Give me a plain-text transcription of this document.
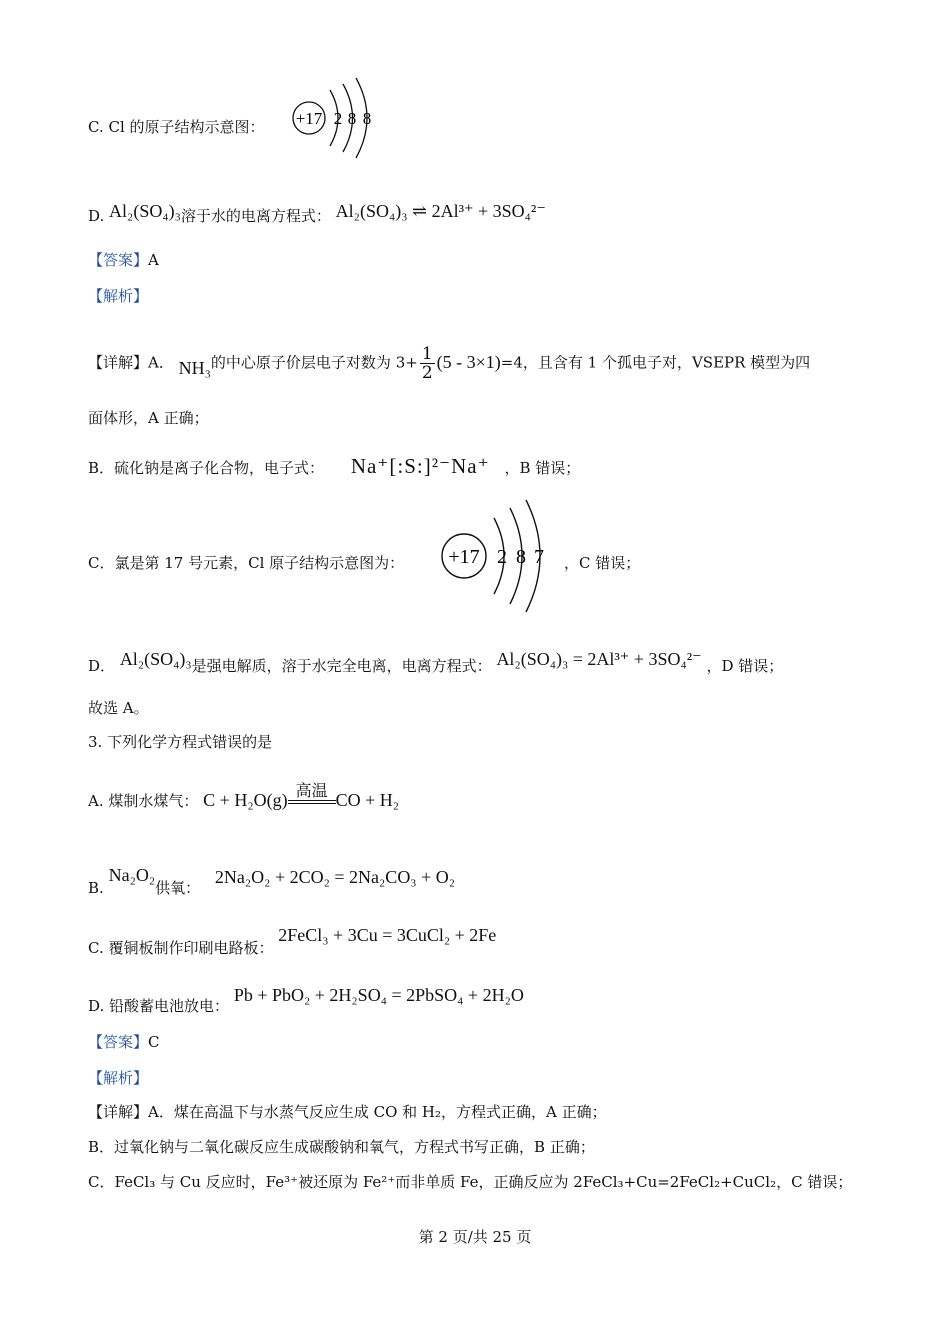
C. Cl 的原子结构示意图： +17 2 8 8
D. Al₂(SO₄)₃溶于水的电离方程式： Al₂(SO₄)₃ ⇌ 2Al³⁺ + 3SO₄²⁻
【答案】A
【解析】
【详解】A． NH₃的中心原子价层电子对数为 $3+ \frac{1}{2} (5 - 3\times 1)=4$，且含有 1 个孤电子对，VSEPR 模型为四
面体形，A 正确；
B．硫化钠是离子化合物，电子式： Na⁺[:S:]²⁻Na⁺ ，B 错误；
C．氯是第 17 号元素，Cl 原子结构示意图为： +17 2 8 7 ，C 错误；
D． Al₂(SO₄)₃是强电解质，溶于水完全电离，电离方程式： Al₂(SO₄)₃ = 2Al³⁺ + 3SO₄²⁻ ，D 错误；
故选 A。
3. 下列化学方程式错误的是
A. 煤制水煤气： C + H₂O(g) 高温 CO + H₂
B. Na₂O₂供氧： 2Na₂O₂ + 2CO₂ = 2Na₂CO₃ + O₂
C. 覆铜板制作印刷电路板： 2FeCl₃ + 3Cu = 3CuCl₂ + 2Fe
D. 铅酸蓄电池放电： Pb + PbO₂ + 2H₂SO₄ = 2PbSO₄ + 2H₂O
【答案】C
【解析】
【详解】A．煤在高温下与水蒸气反应生成 CO 和 H₂，方程式正确，A 正确；
B．过氧化钠与二氧化碳反应生成碳酸钠和氧气，方程式书写正确，B 正确；
C．FeCl₃ 与 Cu 反应时，Fe³⁺被还原为 Fe²⁺而非单质 Fe，正确反应为 2FeCl₃+Cu=2FeCl₂+CuCl₂，C 错误；
第 2 页/共 25 页
